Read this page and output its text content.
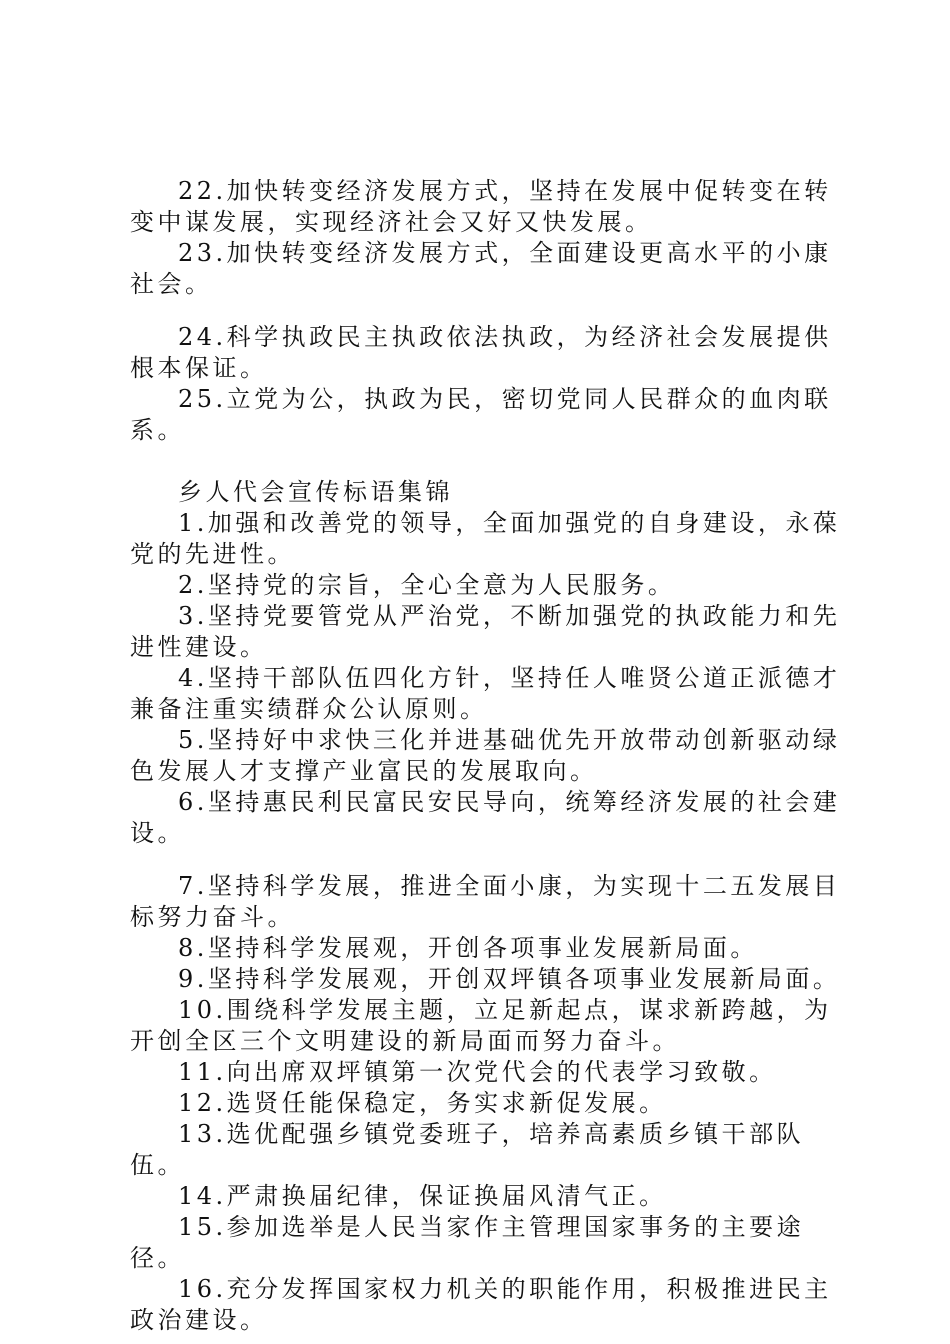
22.加快转变经济发展方式，坚持在发展中促转变在转变中谋发展，实现经济社会又好又快发展。

23.加快转变经济发展方式，全面建设更高水平的小康社会。

24.科学执政民主执政依法执政，为经济社会发展提供根本保证。

25.立党为公，执政为民，密切党同人民群众的血肉联系。

乡人代会宣传标语集锦

1.加强和改善党的领导，全面加强党的自身建设，永葆党的先进性。

2.坚持党的宗旨，全心全意为人民服务。

3.坚持党要管党从严治党，不断加强党的执政能力和先进性建设。

4.坚持干部队伍四化方针，坚持任人唯贤公道正派德才兼备注重实绩群众公认原则。

5.坚持好中求快三化并进基础优先开放带动创新驱动绿色发展人才支撑产业富民的发展取向。

6.坚持惠民利民富民安民导向，统筹经济发展的社会建设。

7.坚持科学发展，推进全面小康，为实现十二五发展目标努力奋斗。

8.坚持科学发展观，开创各项事业发展新局面。

9.坚持科学发展观，开创双坪镇各项事业发展新局面。

10.围绕科学发展主题，立足新起点，谋求新跨越，为开创全区三个文明建设的新局面而努力奋斗。

11.向出席双坪镇第一次党代会的代表学习致敬。

12.选贤任能保稳定，务实求新促发展。

13.选优配强乡镇党委班子，培养高素质乡镇干部队伍。

14.严肃换届纪律，保证换届风清气正。

15.参加选举是人民当家作主管理国家事务的主要途径。

16.充分发挥国家权力机关的职能作用，积极推进民主政治建设。
